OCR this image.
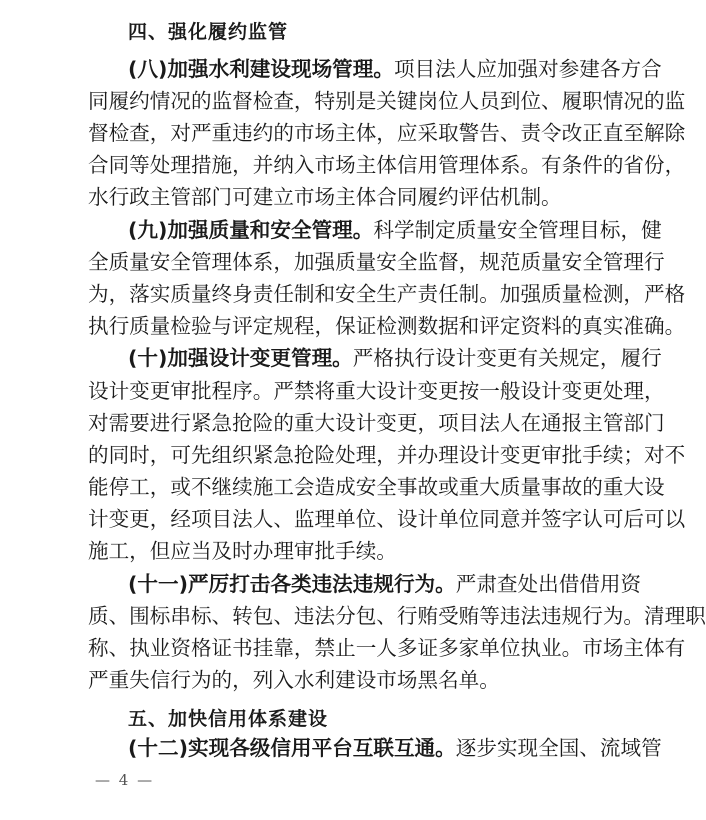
四、强化履约监管
(八)加强水利建设现场管理。项目法人应加强对参建各方合
同履约情况的监督检查，特别是关键岗位人员到位、履职情况的监
督检查，对严重违约的市场主体，应采取警告、责令改正直至解除
合同等处理措施，并纳入市场主体信用管理体系。有条件的省份，
水行政主管部门可建立市场主体合同履约评估机制。
(九)加强质量和安全管理。科学制定质量安全管理目标，健
全质量安全管理体系，加强质量安全监督，规范质量安全管理行
为，落实质量终身责任制和安全生产责任制。加强质量检测，严格
执行质量检验与评定规程，保证检测数据和评定资料的真实准确。
(十)加强设计变更管理。严格执行设计变更有关规定，履行
设计变更审批程序。严禁将重大设计变更按一般设计变更处理，
对需要进行紧急抢险的重大设计变更，项目法人在通报主管部门
的同时，可先组织紧急抢险处理，并办理设计变更审批手续；对不
能停工，或不继续施工会造成安全事故或重大质量事故的重大设
计变更，经项目法人、监理单位、设计单位同意并签字认可后可以
施工，但应当及时办理审批手续。
(十一)严厉打击各类违法违规行为。严肃查处出借借用资
质、围标串标、转包、违法分包、行贿受贿等违法违规行为。清理职
称、执业资格证书挂靠，禁止一人多证多家单位执业。市场主体有
严重失信行为的，列入水利建设市场黑名单。
五、加快信用体系建设
(十二)实现各级信用平台互联互通。逐步实现全国、流域管
— 4 —
